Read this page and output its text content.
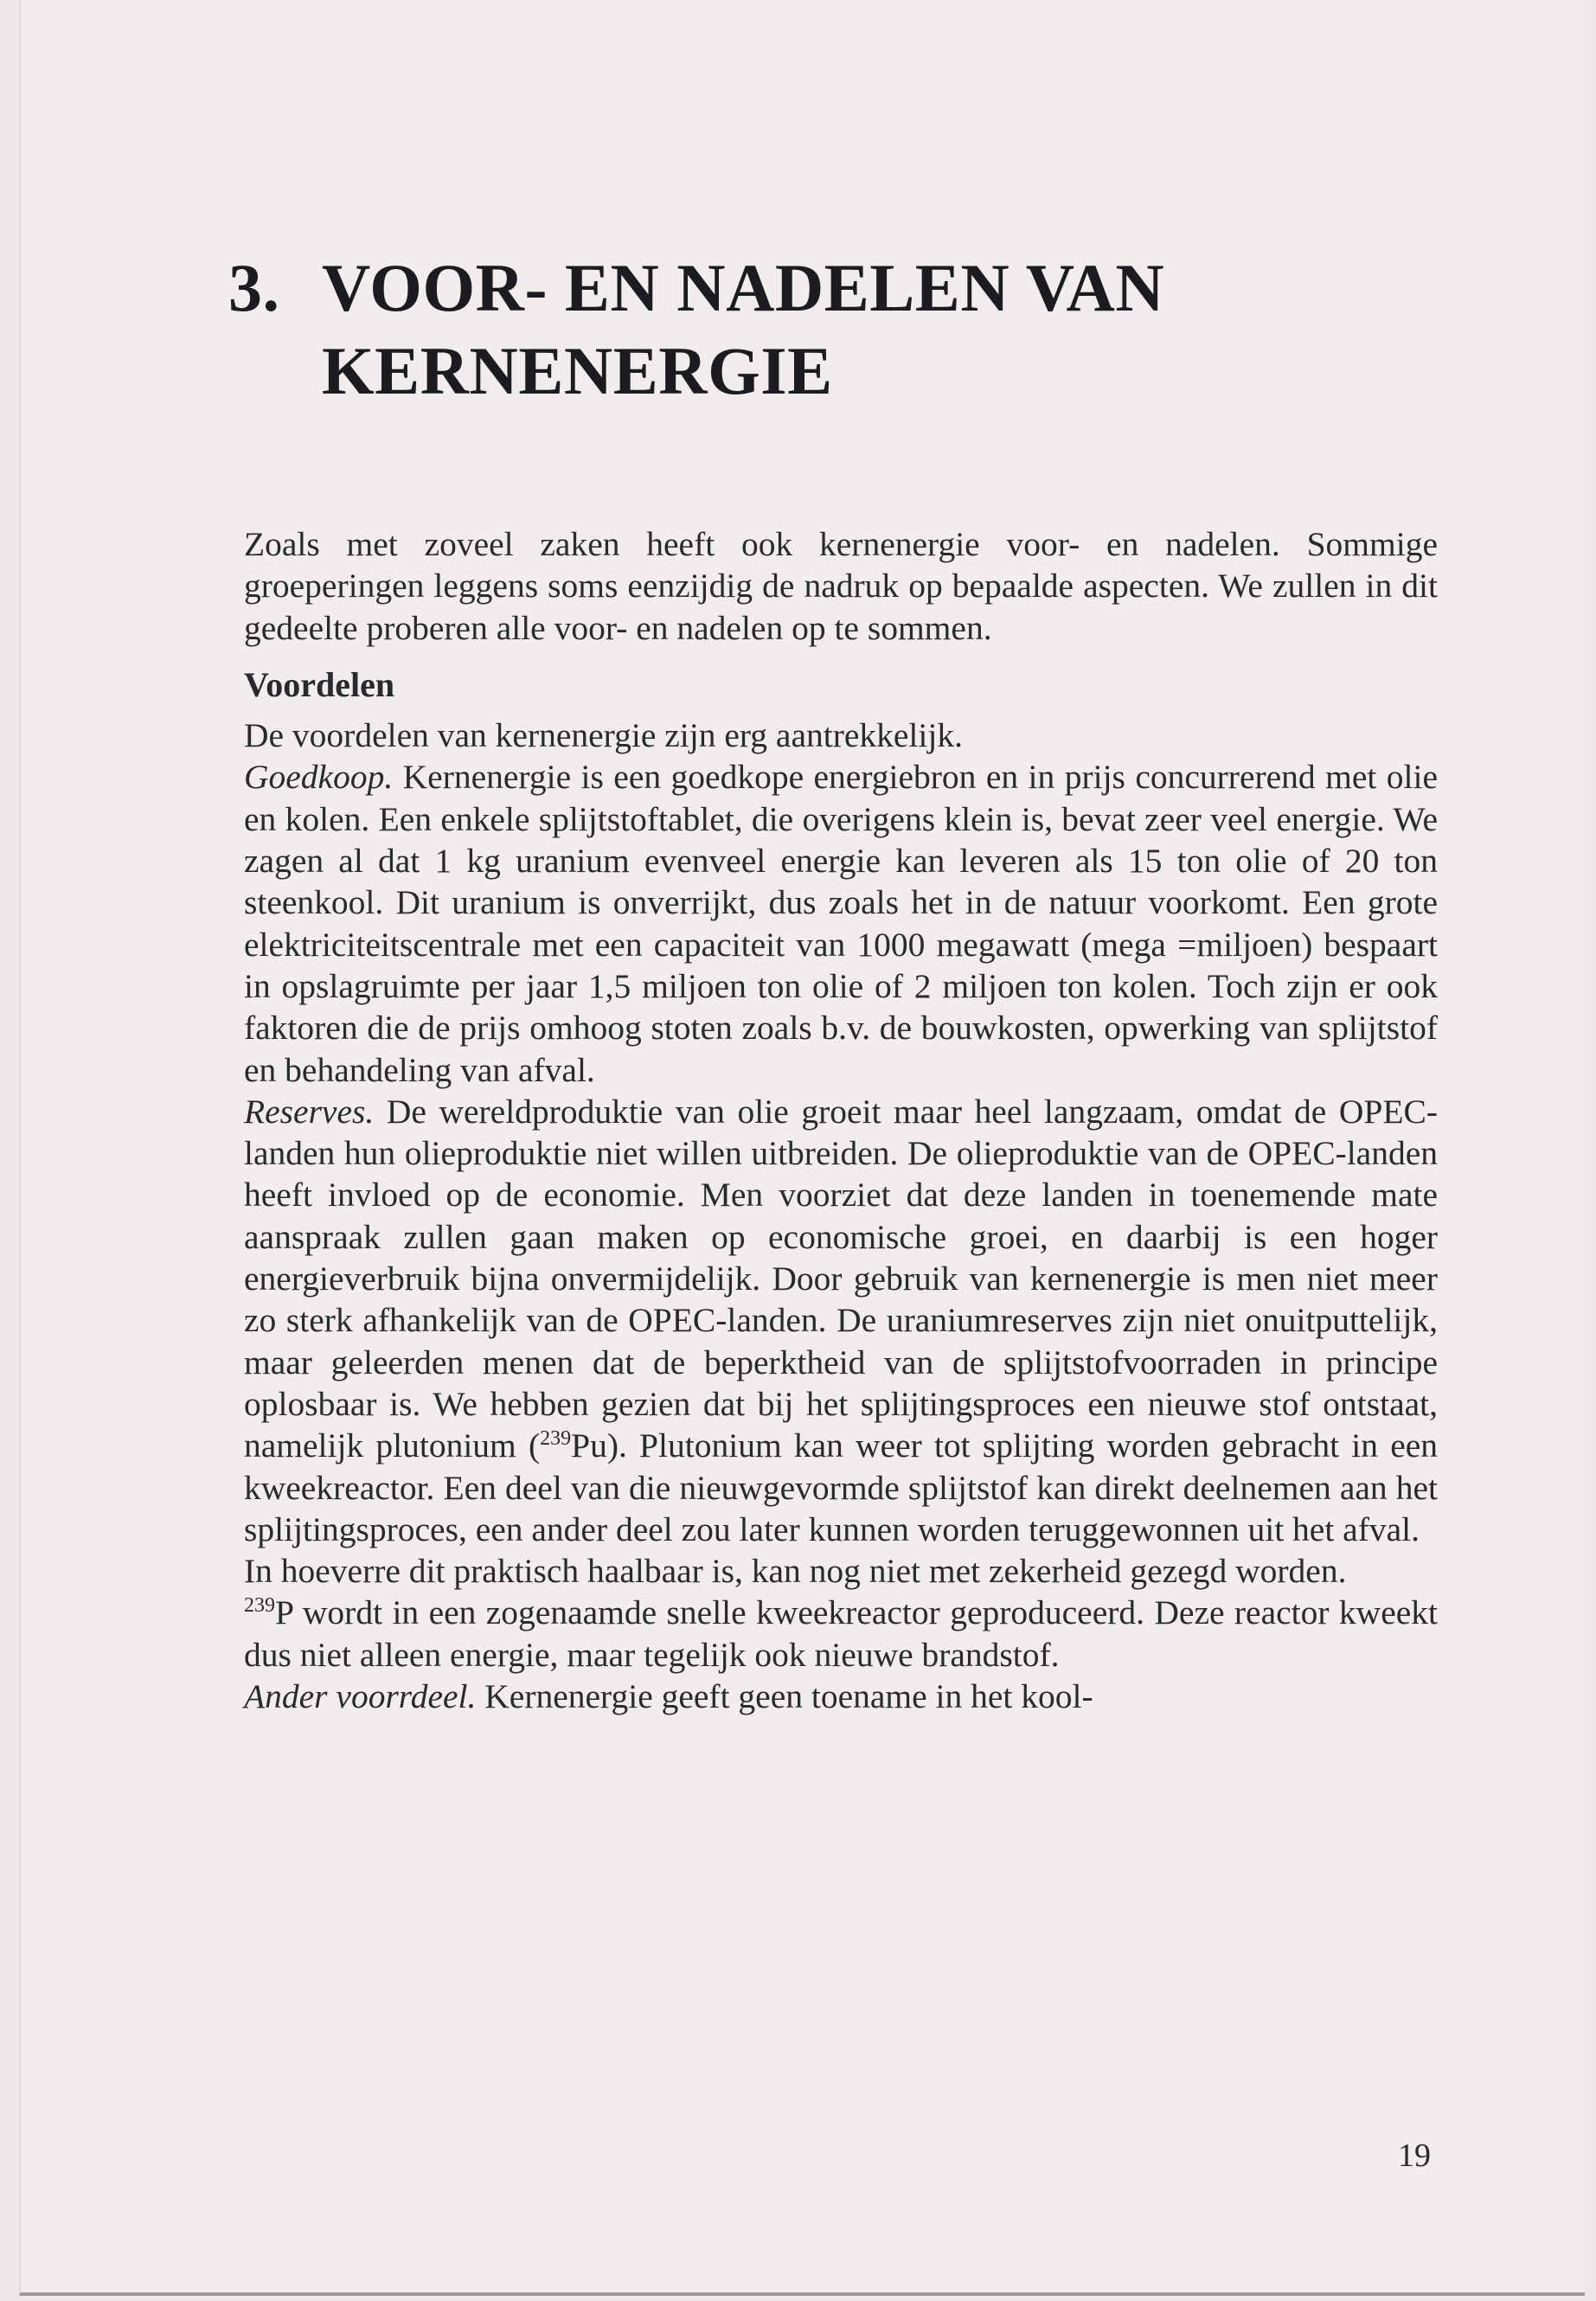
3. VOOR- EN NADELEN VAN
KERNENERGIE

Zoals met zoveel zaken heeft ook kernenergie voor- en nadelen. Sommige groeperingen leggens soms eenzijdig de nadruk op bepaalde aspecten. We zullen in dit gedeelte proberen alle voor- en nadelen op te sommen.

Voordelen

De voordelen van kernenergie zijn erg aantrekkelijk.

Goedkoop. Kernenergie is een goedkope energiebron en in prijs concurrerend met olie en kolen. Een enkele splijtstoftablet, die overigens klein is, bevat zeer veel energie. We zagen al dat 1 kg uranium evenveel energie kan leveren als 15 ton olie of 20 ton steenkool. Dit uranium is onverrijkt, dus zoals het in de natuur voorkomt. Een grote elektriciteitscentrale met een capaciteit van 1000 megawatt (mega =miljoen) bespaart in opslagruimte per jaar 1,5 miljoen ton olie of 2 miljoen ton kolen. Toch zijn er ook faktoren die de prijs omhoog stoten zoals b.v. de bouwkosten, opwerking van splijtstof en behandeling van afval.

Reserves. De wereldproduktie van olie groeit maar heel langzaam, omdat de OPEC-landen hun olieproduktie niet willen uitbreiden. De olieproduktie van de OPEC-landen heeft invloed op de economie. Men voorziet dat deze landen in toenemende mate aanspraak zullen gaan maken op economische groei, en daarbij is een hoger energieverbruik bijna onvermijdelijk. Door gebruik van kernenergie is men niet meer zo sterk afhankelijk van de OPEC-landen. De uraniumreserves zijn niet onuitputtelijk, maar geleerden menen dat de beperktheid van de splijtstofvoorraden in principe oplosbaar is. We hebben gezien dat bij het splijtingsproces een nieuwe stof ontstaat, namelijk plutonium ($^{239}$Pu). Plutonium kan weer tot splijting worden gebracht in een kweekreactor. Een deel van die nieuwgevormde splijtstof kan direkt deelnemen aan het splijtingsproces, een ander deel zou later kunnen worden teruggewonnen uit het afval.

In hoeverre dit praktisch haalbaar is, kan nog niet met zekerheid gezegd worden.

$^{239}$P wordt in een zogenaamde snelle kweekreactor geproduceerd. Deze reactor kweekt dus niet alleen energie, maar tegelijk ook nieuwe brandstof.

Ander voorrdeel. Kernenergie geeft geen toename in het kool-

19
